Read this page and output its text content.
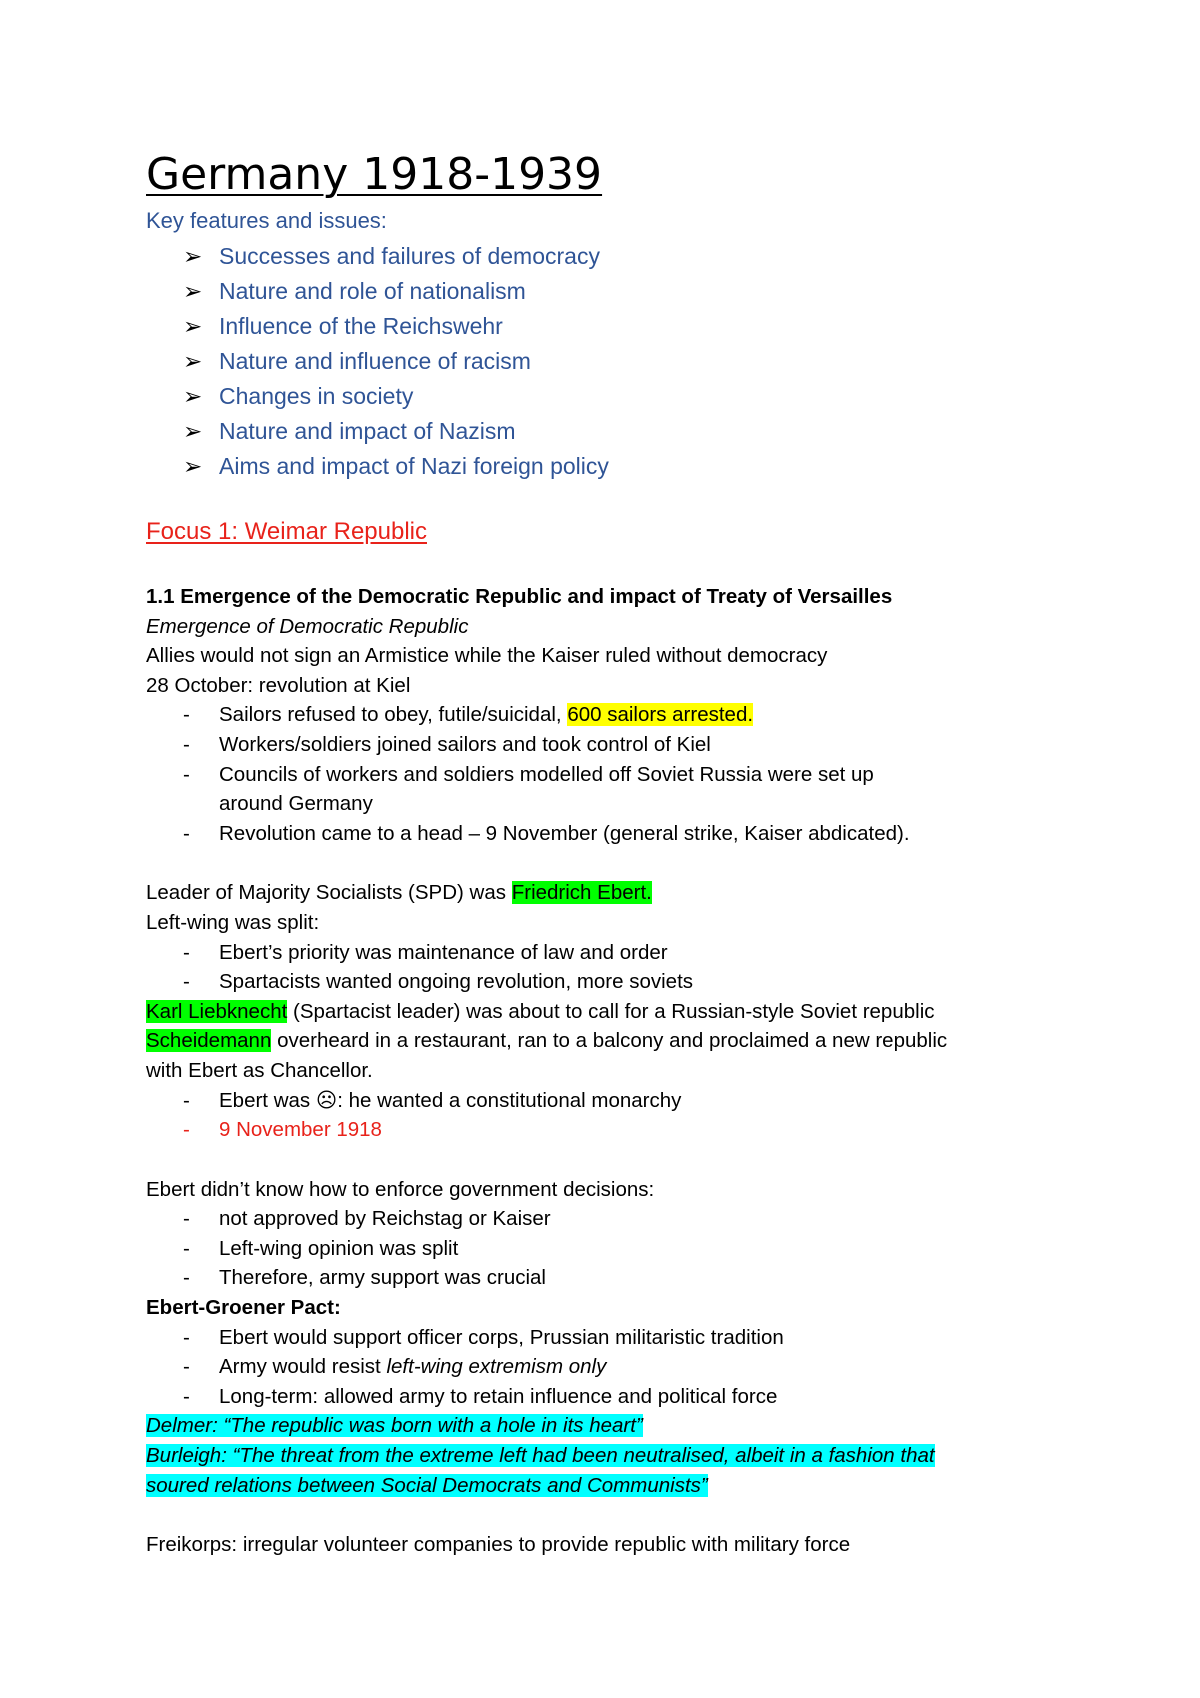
Germany 1918-1939
Key features and issues:
➢ Successes and failures of democracy
➢ Nature and role of nationalism
➢ Influence of the Reichswehr
➢ Nature and influence of racism
➢ Changes in society
➢ Nature and impact of Nazism
➢ Aims and impact of Nazi foreign policy
Focus 1: Weimar Republic
1.1 Emergence of the Democratic Republic and impact of Treaty of Versailles
Emergence of Democratic Republic
Allies would not sign an Armistice while the Kaiser ruled without democracy
28 October: revolution at Kiel
- Sailors refused to obey, futile/suicidal, 600 sailors arrested.
- Workers/soldiers joined sailors and took control of Kiel
- Councils of workers and soldiers modelled off Soviet Russia were set up around Germany
- Revolution came to a head – 9 November (general strike, Kaiser abdicated).
Leader of Majority Socialists (SPD) was Friedrich Ebert.
Left-wing was split:
- Ebert’s priority was maintenance of law and order
- Spartacists wanted ongoing revolution, more soviets
Karl Liebknecht (Spartacist leader) was about to call for a Russian-style Soviet republic
Scheidemann overheard in a restaurant, ran to a balcony and proclaimed a new republic
with Ebert as Chancellor.
- Ebert was ☹: he wanted a constitutional monarchy
- 9 November 1918
Ebert didn’t know how to enforce government decisions:
- not approved by Reichstag or Kaiser
- Left-wing opinion was split
- Therefore, army support was crucial
Ebert-Groener Pact:
- Ebert would support officer corps, Prussian militaristic tradition
- Army would resist left-wing extremism only
- Long-term: allowed army to retain influence and political force
Delmer: “The republic was born with a hole in its heart”
Burleigh: “The threat from the extreme left had been neutralised, albeit in a fashion that
soured relations between Social Democrats and Communists”
Freikorps: irregular volunteer companies to provide republic with military force
